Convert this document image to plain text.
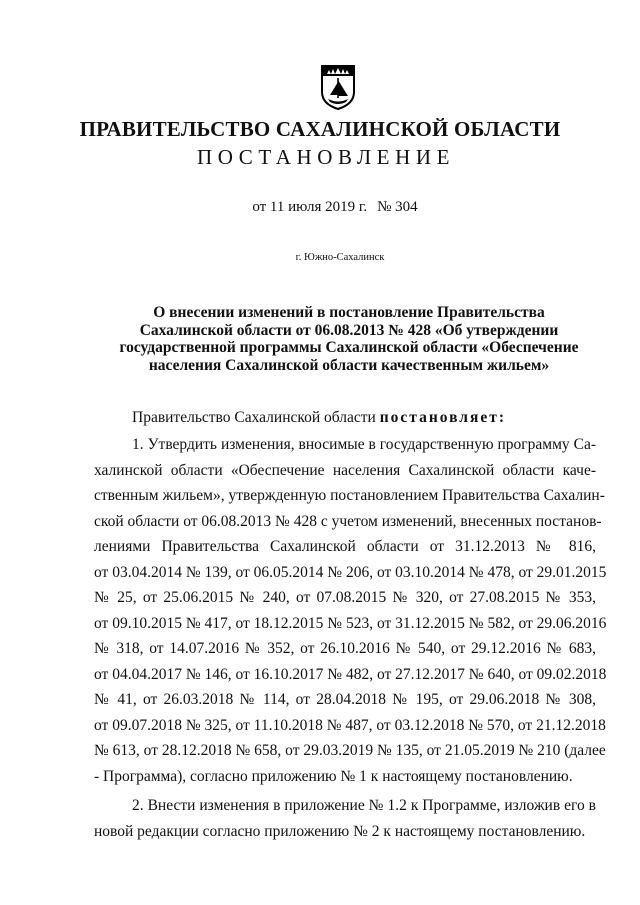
ПРАВИТЕЛЬСТВО САХАЛИНСКОЙ ОБЛАСТИ
ПОСТАНОВЛЕНИЕ
от 11 июля 2019 г. № 304
г. Южно-Сахалинск
О внесении изменений в постановление Правительства
Сахалинской области от 06.08.2013 № 428 «Об утверждении
государственной программы Сахалинской области «Обеспечение
населения Сахалинской области качественным жильем»
Правительство Сахалинской области постановляет:
1. Утвердить изменения, вносимые в государственную программу Са-
халинской области «Обеспечение населения Сахалинской области каче-
ственным жильем», утвержденную постановлением Правительства Сахалин-
ской области от 06.08.2013 № 428 с учетом изменений, внесенных постанов-
лениями Правительства Сахалинской области от 31.12.2013 № 816,
от 03.04.2014 № 139, от 06.05.2014 № 206, от 03.10.2014 № 478, от 29.01.2015
№ 25, от 25.06.2015 № 240, от 07.08.2015 № 320, от 27.08.2015 № 353,
от 09.10.2015 № 417, от 18.12.2015 № 523, от 31.12.2015 № 582, от 29.06.2016
№ 318, от 14.07.2016 № 352, от 26.10.2016 № 540, от 29.12.2016 № 683,
от 04.04.2017 № 146, от 16.10.2017 № 482, от 27.12.2017 № 640, от 09.02.2018
№ 41, от 26.03.2018 № 114, от 28.04.2018 № 195, от 29.06.2018 № 308,
от 09.07.2018 № 325, от 11.10.2018 № 487, от 03.12.2018 № 570, от 21.12.2018
№ 613, от 28.12.2018 № 658, от 29.03.2019 № 135, от 21.05.2019 № 210 (далее
- Программа), согласно приложению № 1 к настоящему постановлению.
2. Внести изменения в приложение № 1.2 к Программе, изложив его в
новой редакции согласно приложению № 2 к настоящему постановлению.
